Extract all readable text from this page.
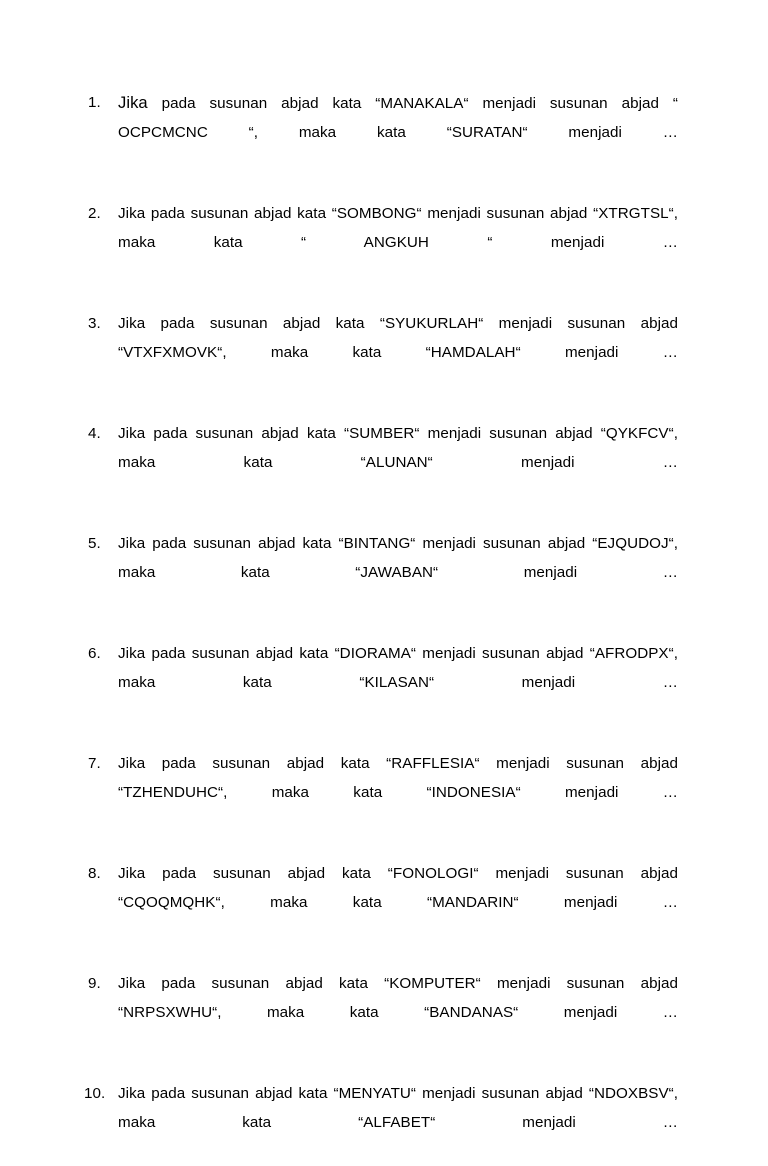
1.	Jika pada susunan abjad kata “MANAKALA“ menjadi susunan abjad “ OCPCMCNC “, maka kata “SURATAN“ menjadi …
2.	Jika pada susunan abjad kata “SOMBONG“ menjadi susunan abjad “XTRGTSL“, maka kata “ ANGKUH “ menjadi …
3.	Jika pada susunan abjad kata “SYUKURLAH“ menjadi susunan abjad “VTXFXMOVK“, maka kata “HAMDALAH“ menjadi …
4.	Jika pada susunan abjad kata “SUMBER“ menjadi susunan abjad “QYKFCV“, maka kata “ALUNAN“ menjadi …
5.	Jika pada susunan abjad kata “BINTANG“ menjadi susunan abjad “EJQUDOJ“, maka kata “JAWABAN“ menjadi …
6.	Jika pada susunan abjad kata “DIORAMA“ menjadi susunan abjad “AFRODPX“, maka kata “KILASAN“ menjadi …
7.	Jika pada susunan abjad kata “RAFFLESIA“ menjadi susunan abjad “TZHENDUHC“, maka kata “INDONESIA“ menjadi …
8.	Jika pada susunan abjad kata “FONOLOGI“ menjadi susunan abjad “CQOQMQHK“, maka kata “MANDARIN“ menjadi …
9.	Jika pada susunan abjad kata “KOMPUTER“ menjadi susunan abjad “NRPSXWHU“, maka kata “BANDANAS“ menjadi …
10. Jika pada susunan abjad kata “MENYATU“ menjadi susunan abjad “NDOXBSV“, maka kata “ALFABET“ menjadi …
